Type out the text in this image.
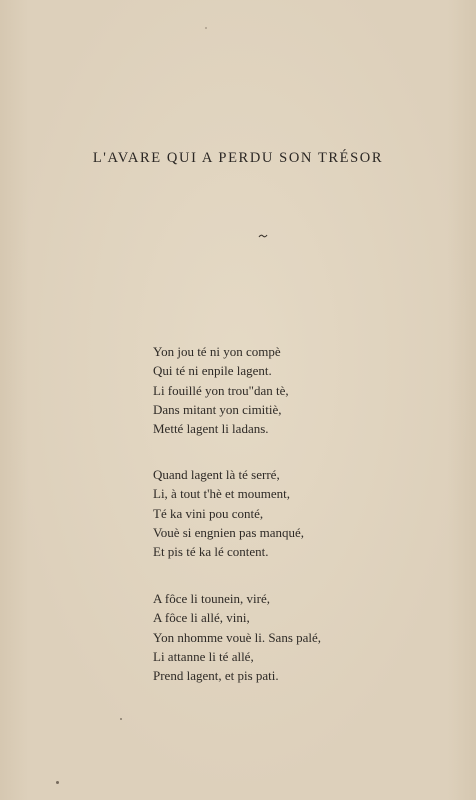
L'AVARE QUI A PERDU SON TRÉSOR
Yon jou té ni yon compè
Qui té ni enpile lagent.
Li fouillé yon trou"dan tè,
Dans mitant yon cimitiè,
Metté lagent li ladans.
Quand lagent là té serré,
Li, à tout t'hè et moument,
Té ka vini pou conté,
Vouè si engnien pas manqué,
Et pis té ka lé content.
A fôce li tounein, viré,
A fôce li allé, vini,
Yon nhomme vouè li. Sans palé,
Li attanne li té allé,
Prend lagent, et pis pati.
